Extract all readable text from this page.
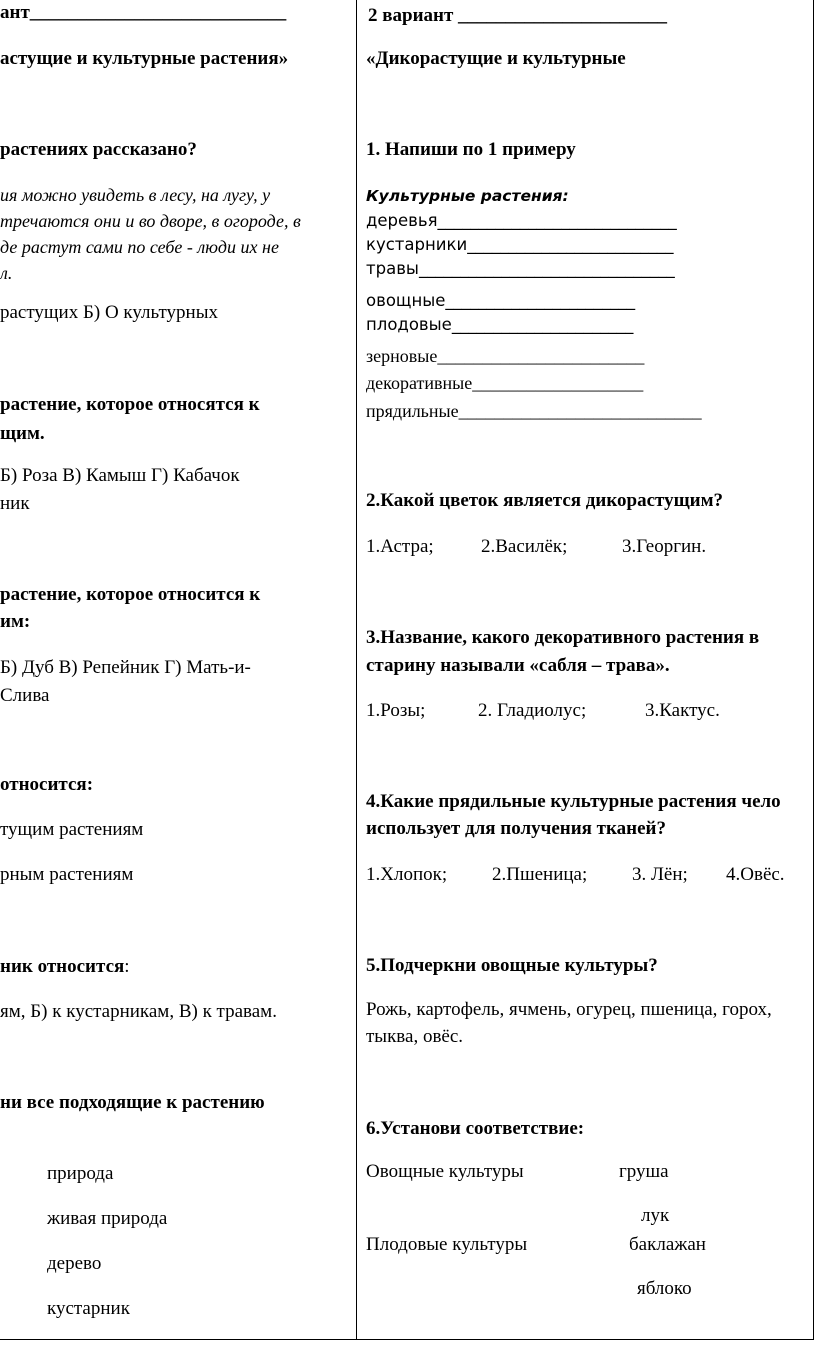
ант___________________________
астущие и культурные растения»
растениях рассказано?
ия можно увидеть в лесу, на лугу, у
тречаются они и во дворе, в огороде, в
де растут сами по себе - люди их не
л.
растущих Б) О культурных
растение, которое относятся к
щим.
Б) Роза В) Камыш Г) Кабачок
ник
растение, которое относится к
им:
Б) Дуб В) Репейник Г) Мать-и-
Слива
относится:
тущим растениям
рным растениям
ник относится:
ям, Б) к кустарникам, В) к травам.
ни все подходящие к растению
природа
живая природа
дерево
кустарник
2 вариант ______________________
«Дикорастущие и культурные
1. Напиши по 1 примеру
Культурные растения:
деревья_____________________________
кустарники_________________________
травы_______________________________
овощные_______________________
плодовые______________________
зерновые_______________________
декоративные___________________
прядильные___________________________
2.Какой цветок является дикорастущим?
1.Астра; 2.Василёк;	3.Георгин.
3.Название, какого декоративного растения в
старину называли «сабля – трава».
1.Розы;	2. Гладиолус;	3.Кактус.
4.Какие прядильные культурные растения чело
использует для получения тканей?
1.Хлопок; 2.Пшеница; 3. Лён; 4.Овёс.
5.Подчеркни овощные культуры?
Рожь, картофель, ячмень, огурец, пшеница, горох,
тыква, овёс.
6.Установи соответствие:
Овощные культуры
Плодовые культуры
груша
лук
баклажан
яблоко
